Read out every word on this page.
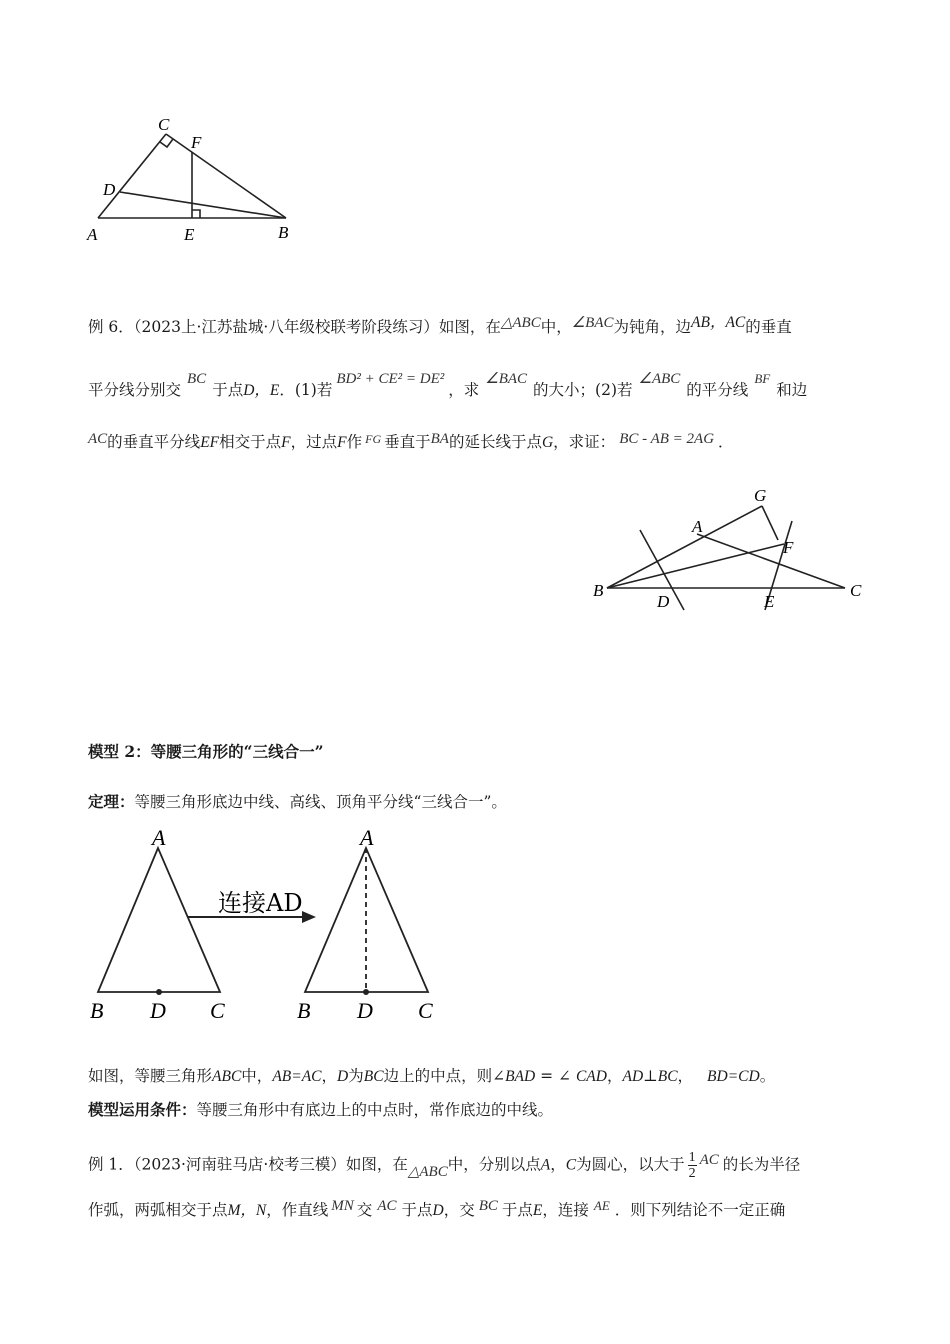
C
F
D
A	E	B
例 6．（2023上·江苏盐城·八年级校联考阶段练习）如图，在△ABC中，∠BAC为钝角，边AB，AC的垂直
平分线分别交BC于点D，E．(1)若BD² + CE² = DE²，求∠BAC的大小；(2)若∠ABC的平分线$^{BF}$和边
AC的垂直平分线EF相交于点F，过点F作 $^{FG}$ 垂直于BA的延长线于点G，求证： BC - AB = 2AG ．
G
A
F
B
D	E
C
模型 2：等腰三角形的“三线合一”
定理：等腰三角形底边中线、高线、顶角平分线“三线合一”。
连接AD
A
B D C
A
B D C
如图，等腰三角形ABC中，AB=AC，D为BC边上的中点，则∠BAD = ∠ CAD，AD⊥BC， BD=CD。
模型运用条件：等腰三角形中有底边上的中点时，常作底边的中线。
例 1．（2023·河南驻马店·校考三模）如图，在△ABC中，分别以点A，C为圆心，以大于 $\frac{1}{2}$ AC 的长为半径
作弧，两弧相交于点M，N，作直线 MN 交 AC 于点D，交 BC 于点E，连接 $^{AE}$ ．则下列结论不一定正确
